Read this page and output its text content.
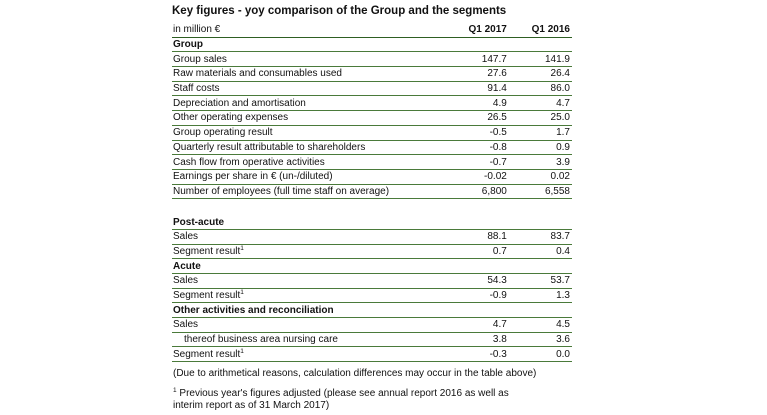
Key figures - yoy comparison of the Group and the segments
in million €	Q1 2017	Q1 2016
Group		
Group sales	147.7	141.9
Raw materials and consumables used	27.6	26.4
Staff costs	91.4	86.0
Depreciation and amortisation	4.9	4.7
Other operating expenses	26.5	25.0
Group operating result	-0.5	1.7
Quarterly result attributable to shareholders	-0.8	0.9
Cash flow from operative activities	-0.7	3.9
Earnings per share in € (un-/diluted)	-0.02	0.02
Number of employees (full time staff on average)	6,800	6,558

Post-acute		
Sales	88.1	83.7
Segment result$^1$	0.7	0.4
Acute		
Sales	54.3	53.7
Segment result$^1$	-0.9	1.3
Other activities and reconciliation		
Sales	4.7	4.5
thereof business area nursing care	3.8	3.6
Segment result$^1$	-0.3	0.0

(Due to arithmetical reasons, calculation differences may occur in the table above)

$^1$ Previous year's figures adjusted (please see annual report 2016 as well as
interim report as of 31 March 2017)
